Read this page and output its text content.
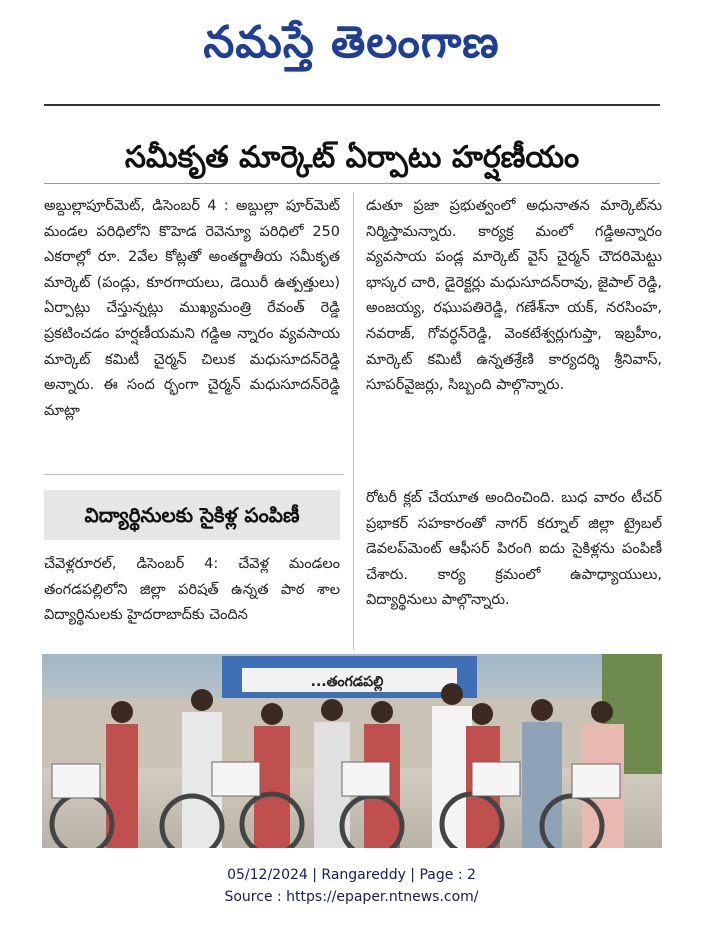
నమస్తే తెలంగాణ
సమీకృత మార్కెట్ ఏర్పాటు హర్షణీయం
అబ్దుల్లాపూర్‌మెట్, డిసెంబర్ 4 : అబ్దుల్లా పూర్‌మెట్ మండల పరిధిలోని కొహెడ రెవెన్యూ పరిధిలో 250 ఎకరాల్లో రూ. 2వేల కోట్లతో అంతర్జాతీయ సమీకృత మార్కెట్ (పండ్లు, కూరగాయలు, డెయిరీ ఉత్పత్తులు) ఏర్పాట్లు చేస్తున్నట్లు ముఖ్యమంత్రి రేవంత్ రెడ్డి ప్రకటించడం హర్షణీయమని గడ్డిఅ న్నారం వ్యవసాయ మార్కెట్ కమిటీ చైర్మన్ చిలుక మధుసూదన్‌రెడ్డి అన్నారు. ఈ సంద ర్భంగా చైర్మన్ మధుసూదన్‌రెడ్డి మాట్లా
డుతూ ప్రజా ప్రభుత్వంలో అధునాతన మార్కెట్‌ను నిర్మిస్తామన్నారు. కార్యక్ర మంలో గడ్డిఅన్నారం వ్యవసాయ పండ్ల మార్కెట్ వైస్ చైర్మన్ చౌదరిమెట్టు భాస్కర చారి, డైరెక్టర్లు మధుసూదన్‌రావు, జైపాల్ రెడ్డి, అంజయ్య, రఘుపతిరెడ్డి, గణేశ్‌నా యక్, నరసింహ, నవరాజ్, గోవర్ధన్‌రెడ్డి, వెంకటేశ్వర్లుగుప్తా, ఇబ్రహీం, మార్కెట్ కమిటీ ఉన్నతశ్రేణి కార్యదర్శి శ్రీనివాస్, సూపర్‌వైజర్లు, సిబ్బంది పాల్గొన్నారు.
విద్యార్థినులకు సైకిళ్ల పంపిణీ
చేవెళ్లరూరల్, డిసెంబర్ 4: చేవెళ్ల మండలం తంగడపల్లిలోని జిల్లా పరిషత్ ఉన్నత పాఠ శాల విద్యార్థినులకు హైదరాబాద్‌కు చెందిన
రోటరీ క్లబ్ చేయూత అందించింది. బుధ వారం టీచర్ ప్రభాకర్ సహకారంతో నాగర్ కర్నూల్ జిల్లా ట్రైబల్ డెవలప్‌మెంట్ ఆఫీసర్ పిరంగి ఐదు సైకిళ్లను పంపిణీ చేశారు. కార్య క్రమంలో ఉపాధ్యాయులు, విద్యార్థినులు పాల్గొన్నారు.
...తంగడపల్లి
05/12/2024 | Rangareddy | Page : 2
Source : https://epaper.ntnews.com/
